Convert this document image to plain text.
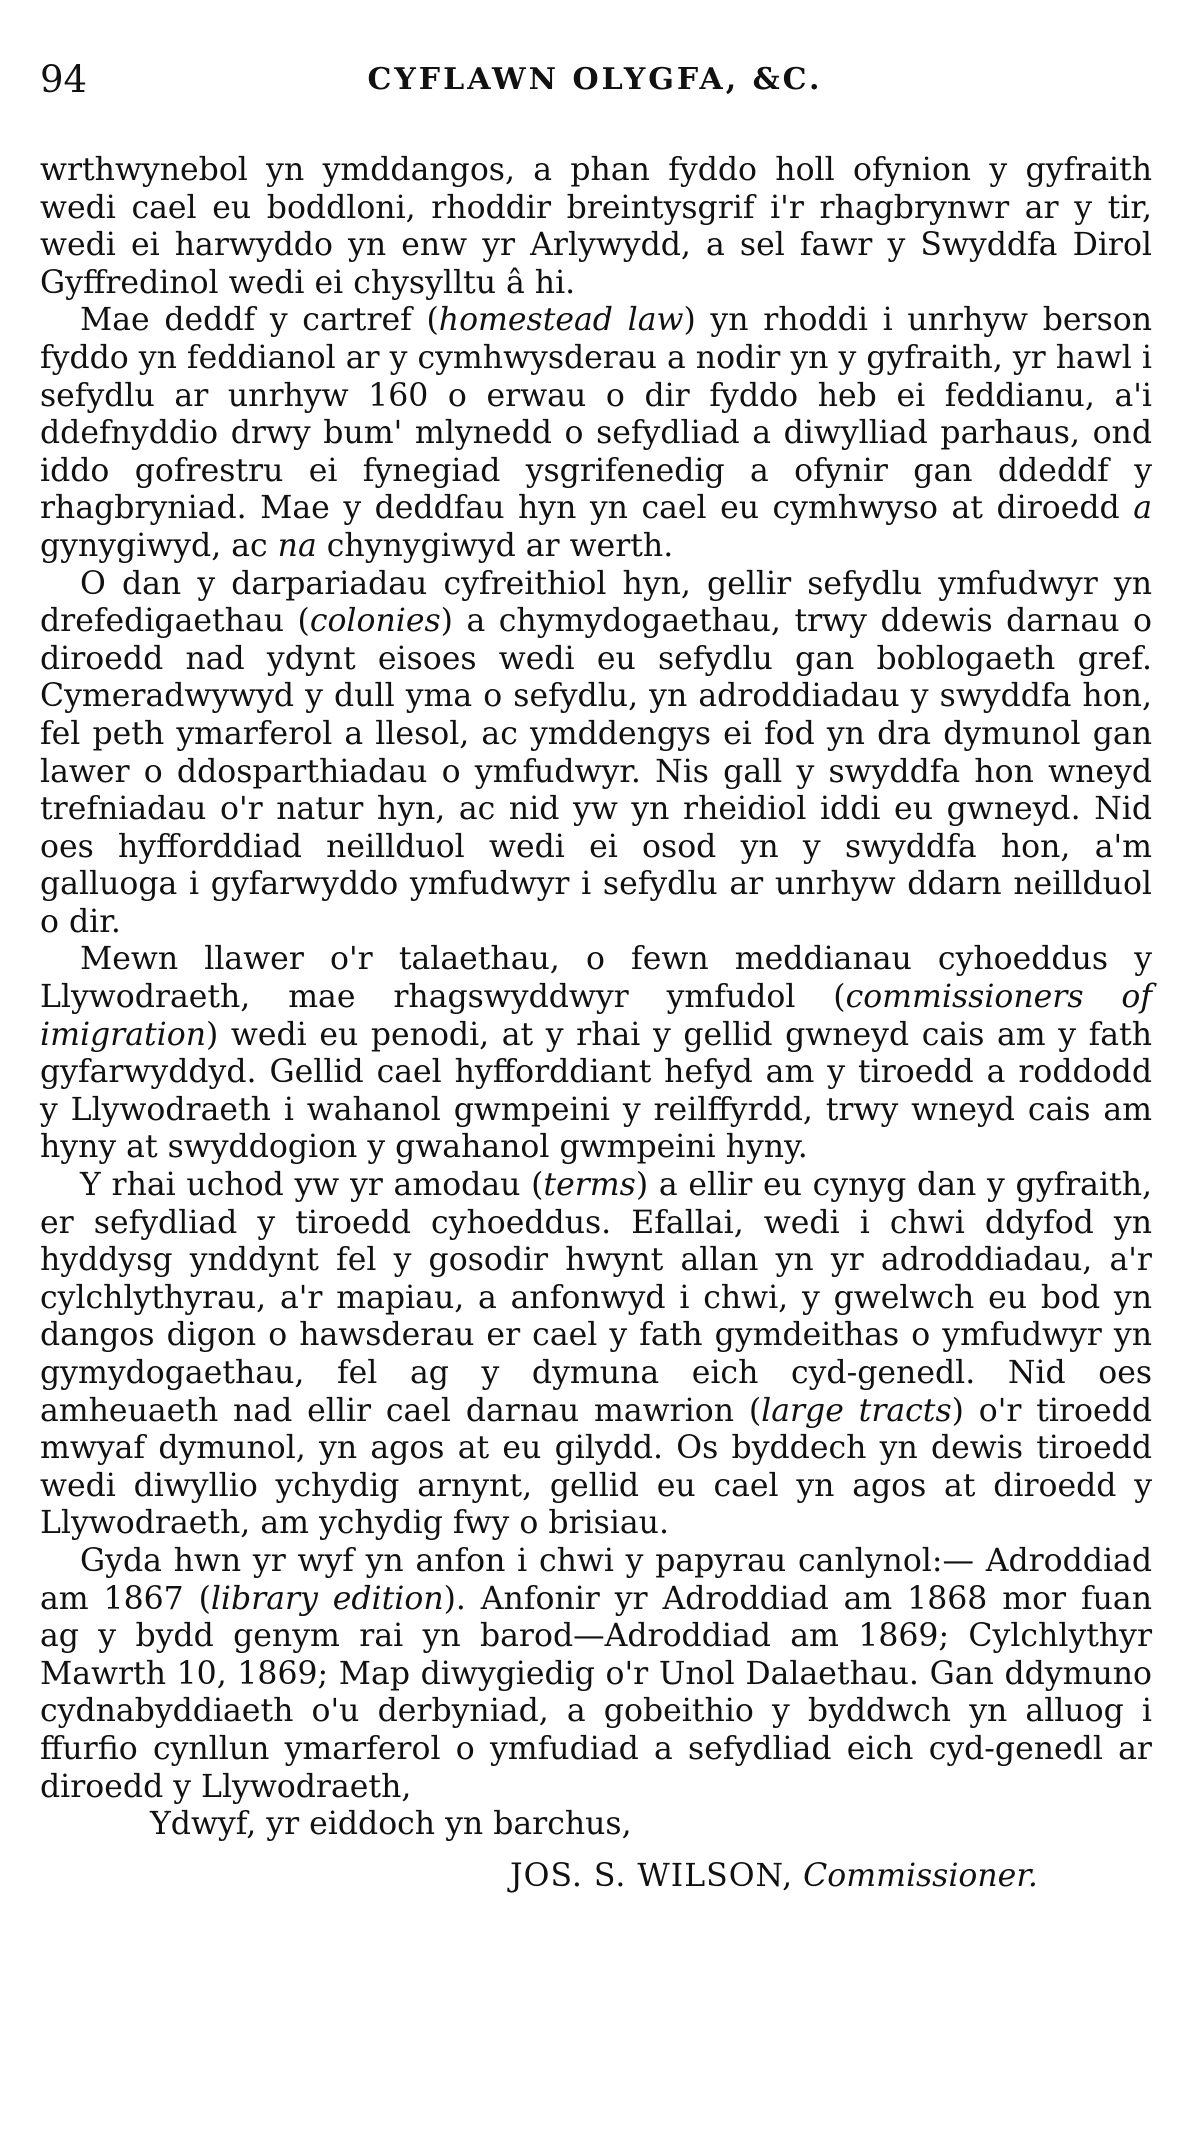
94	CYFLAWN OLYGFA, &C.

wrthwynebol yn ymddangos, a phan fyddo holl ofynion y gyfraith wedi cael eu boddloni, rhoddir breintysgrif i'r rhagbrynwr ar y tir, wedi ei harwyddo yn enw yr Arlywydd, a sel fawr y Swyddfa Dirol Gyffredinol wedi ei chysylltu â hi.

Mae deddf y cartref (homestead law) yn rhoddi i unrhyw berson fyddo yn feddianol ar y cymhwysderau a nodir yn y gyfraith, yr hawl i sefydlu ar unrhyw 160 o erwau o dir fyddo heb ei feddianu, a'i ddefnyddio drwy bum' mlynedd o sefydliad a diwylliad parhaus, ond iddo gofrestru ei fynegiad ysgrifenedig a ofynir gan ddeddf y rhagbryniad. Mae y deddfau hyn yn cael eu cymhwyso at diroedd a gynygiwyd, ac na chynygiwyd ar werth.

O dan y darpariadau cyfreithiol hyn, gellir sefydlu ymfudwyr yn drefedigaethau (colonies) a chymydogaethau, trwy ddewis darnau o diroedd nad ydynt eisoes wedi eu sefydlu gan boblogaeth gref. Cymeradwywyd y dull yma o sefydlu, yn adroddiadau y swyddfa hon, fel peth ymarferol a llesol, ac ymddengys ei fod yn dra dymunol gan lawer o ddosparthiadau o ymfudwyr. Nis gall y swyddfa hon wneyd trefniadau o'r natur hyn, ac nid yw yn rheidiol iddi eu gwneyd. Nid oes hyfforddiad neillduol wedi ei osod yn y swyddfa hon, a'm galluoga i gyfarwyddo ymfudwyr i sefydlu ar unrhyw ddarn neillduol o dir.

Mewn llawer o'r talaethau, o fewn meddianau cyhoeddus y Llywodraeth, mae rhagswyddwyr ymfudol (commissioners of imigration) wedi eu penodi, at y rhai y gellid gwneyd cais am y fath gyfarwyddyd. Gellid cael hyfforddiant hefyd am y tiroedd a roddodd y Llywodraeth i wahanol gwmpeini y reilffyrdd, trwy wneyd cais am hyny at swyddogion y gwahanol gwmpeini hyny.

Y rhai uchod yw yr amodau (terms) a ellir eu cynyg dan y gyfraith, er sefydliad y tiroedd cyhoeddus. Efallai, wedi i chwi ddyfod yn hyddysg ynddynt fel y gosodir hwynt allan yn yr adroddiadau, a'r cylchlythyrau, a'r mapiau, a anfonwyd i chwi, y gwelwch eu bod yn dangos digon o hawsderau er cael y fath gymdeithas o ymfudwyr yn gymydogaethau, fel ag y dymuna eich cyd-genedl. Nid oes amheuaeth nad ellir cael darnau mawrion (large tracts) o'r tiroedd mwyaf dymunol, yn agos at eu gilydd. Os byddech yn dewis tiroedd wedi diwyllio ychydig arnynt, gellid eu cael yn agos at diroedd y Llywodraeth, am ychydig fwy o brisiau.

Gyda hwn yr wyf yn anfon i chwi y papyrau canlynol:— Adroddiad am 1867 (library edition). Anfonir yr Adroddiad am 1868 mor fuan ag y bydd genym rai yn barod—Adroddiad am 1869; Cylchlythyr Mawrth 10, 1869; Map diwygiedig o'r Unol Dalaethau. Gan ddymuno cydnabyddiaeth o'u derbyniad, a gobeithio y byddwch yn alluog i ffurfio cynllun ymarferol o ymfudiad a sefydliad eich cyd-genedl ar diroedd y Llywodraeth,

Ydwyf, yr eiddoch yn barchus,

JOS. S. WILSON, Commissioner.
